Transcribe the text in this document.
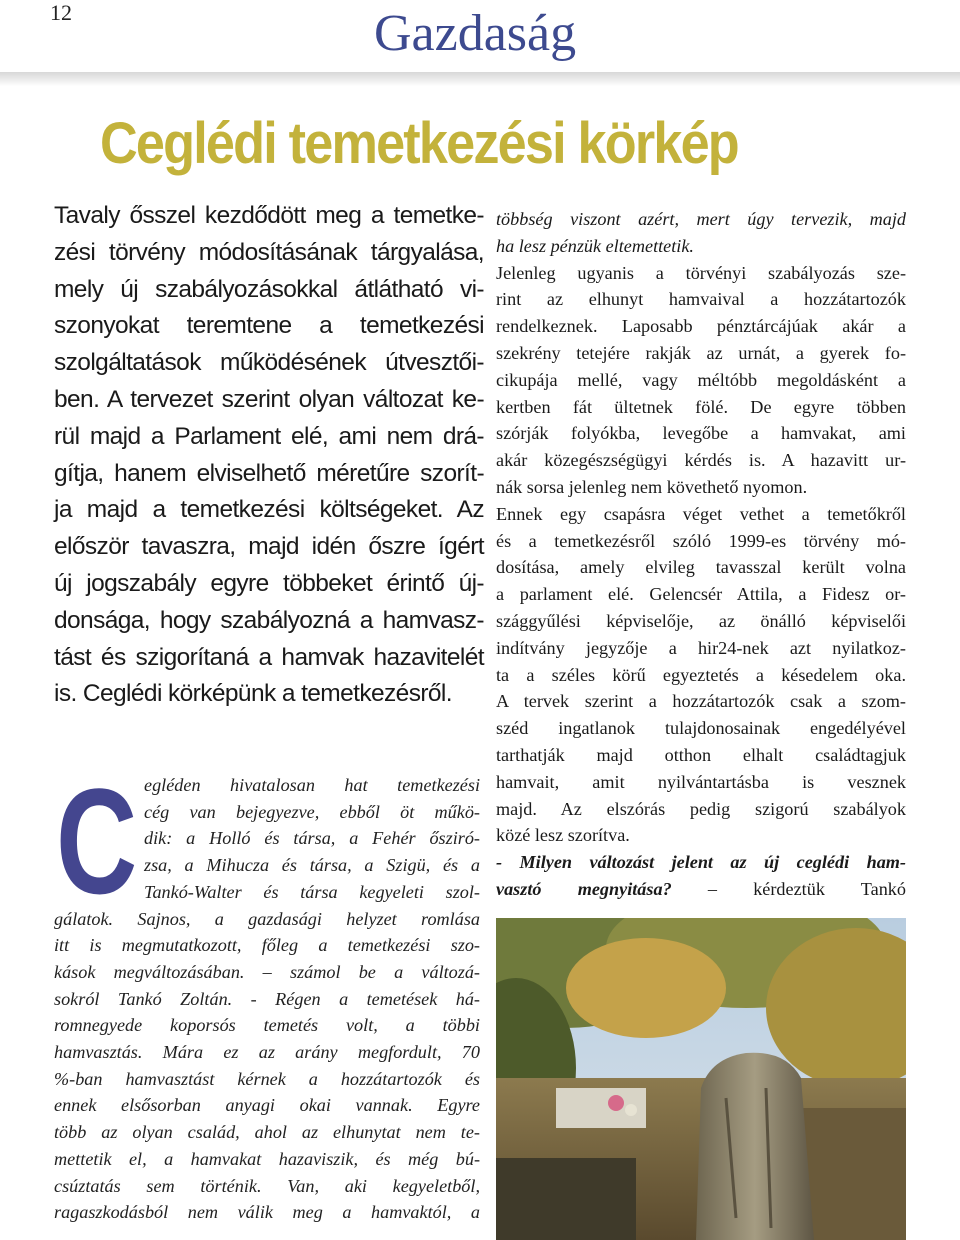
12	Gazdaság
Ceglédi temetkezési körkép
Tavaly ősszel kezdődött meg a temetke-
zési törvény módosításának tárgyalása,
mely új szabályozásokkal átlátható vi-
szonyokat teremtene a temetkezési
szolgáltatások működésének útvesztői-
ben. A tervezet szerint olyan változat ke-
rül majd a Parlament elé, ami nem drá-
gítja, hanem elviselhető méretűre szorít-
ja majd a temetkezési költségeket. Az
először tavaszra, majd idén őszre ígért
új jogszabály egyre többeket érintő új-
donsága, hogy szabályozná a hamvasz-
tást és szigorítaná a hamvak hazavitelét
is. Ceglédi körképünk a temetkezésről.
C egléden hivatalosan hat temetkezési
cég van bejegyezve, ebből öt műkö-
dik: a Holló és társa, a Fehér ősziró-
zsa, a Mihucza és társa, a Szigü, és a
Tankó-Walter és társa kegyeleti szol-
gálatok. Sajnos, a gazdasági helyzet romlása
itt is megmutatkozott, főleg a temetkezési szo-
kások megváltozásában. – számol be a változá-
sokról Tankó Zoltán. - Régen a temetések há-
romnegyede koporsós temetés volt, a többi
hamvasztás. Mára ez az arány megfordult, 70
%-ban hamvasztást kérnek a hozzátartozók és
ennek elsősorban anyagi okai vannak. Egyre
több az olyan család, ahol az elhunytat nem te-
mettetik el, a hamvakat hazaviszik, és még bú-
csúztatás sem történik. Van, aki kegyeletből,
ragaszkodásból nem válik meg a hamvaktól, a
többség viszont azért, mert úgy tervezik, majd
ha lesz pénzük eltemettetik.
Jelenleg ugyanis a törvényi szabályozás sze-
rint az elhunyt hamvaival a hozzátartozók
rendelkeznek. Laposabb pénztárcájúak akár a
szekrény tetejére rakják az urnát, a gyerek fo-
cikupája mellé, vagy méltóbb megoldásként a
kertben fát ültetnek fölé. De egyre többen
szórják folyókba, levegőbe a hamvakat, ami
akár közegészségügyi kérdés is. A hazavitt ur-
nák sorsa jelenleg nem követhető nyomon.
Ennek egy csapásra véget vethet a temetőkről
és a temetkezésről szóló 1999-es törvény mó-
dosítása, amely elvileg tavasszal került volna
a parlament elé. Gelencsér Attila, a Fidesz or-
szággyűlési képviselője, az önálló képviselői
indítvány jegyzője a hir24-nek azt nyilatkoz-
ta a széles körű egyeztetés a késedelem oka.
A tervek szerint a hozzátartozók csak a szom-
széd ingatlanok tulajdonosainak engedélyével
tarthatják majd otthon elhalt családtagjuk
hamvait, amit nyilvántartásba is vesznek
majd. Az elszórás pedig szigorú szabályok
közé lesz szorítva.
- Milyen változást jelent az új ceglédi ham-
vasztó megnyitása? – kérdeztük Tankó
